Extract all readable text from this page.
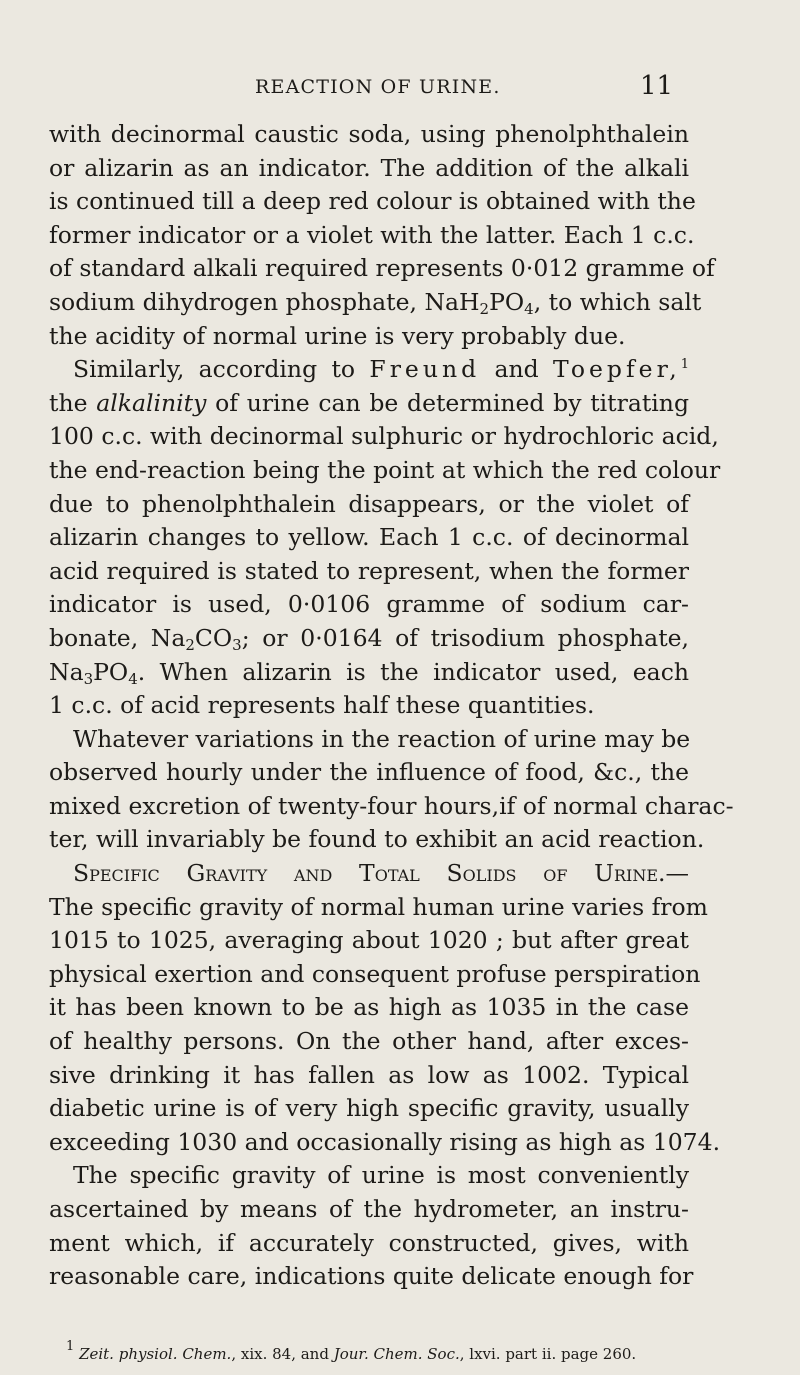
REACTION OF URINE.	11
with decinormal caustic soda, using phenolphthalein
or alizarin as an indicator. The addition of the alkali
is continued till a deep red colour is obtained with the
former indicator or a violet with the latter. Each 1 c.c.
of standard alkali required represents 0·012 gramme of
sodium dihydrogen phosphate, $NaH_2PO_4$, to which salt
the acidity of normal urine is very probably due.
Similarly, according to Freund and Toepfer,$^1$
the alkalinity of urine can be determined by titrating
100 c.c. with decinormal sulphuric or hydrochloric acid,
the end-reaction being the point at which the red colour
due to phenolphthalein disappears, or the violet of
alizarin changes to yellow. Each 1 c.c. of decinormal
acid required is stated to represent, when the former
indicator is used, 0·0106 gramme of sodium car-
bonate, $Na_2CO_3$; or 0·0164 of trisodium phosphate,
$Na_3PO_4$. When alizarin is the indicator used, each
1 c.c. of acid represents half these quantities.
Whatever variations in the reaction of urine may be
observed hourly under the influence of food, &c., the
mixed excretion of twenty-four hours,if of normal charac-
ter, will invariably be found to exhibit an acid reaction.
Specific Gravity and Total Solids of Urine.—
The specific gravity of normal human urine varies from
1015 to 1025, averaging about 1020 ; but after great
physical exertion and consequent profuse perspiration
it has been known to be as high as 1035 in the case
of healthy persons. On the other hand, after exces-
sive drinking it has fallen as low as 1002. Typical
diabetic urine is of very high specific gravity, usually
exceeding 1030 and occasionally rising as high as 1074.
The specific gravity of urine is most conveniently
ascertained by means of the hydrometer, an instru-
ment which, if accurately constructed, gives, with
reasonable care, indications quite delicate enough for
$^1$ Zeit. physiol. Chem., xix. 84, and Jour. Chem. Soc., lxvi. part ii. page 260.
